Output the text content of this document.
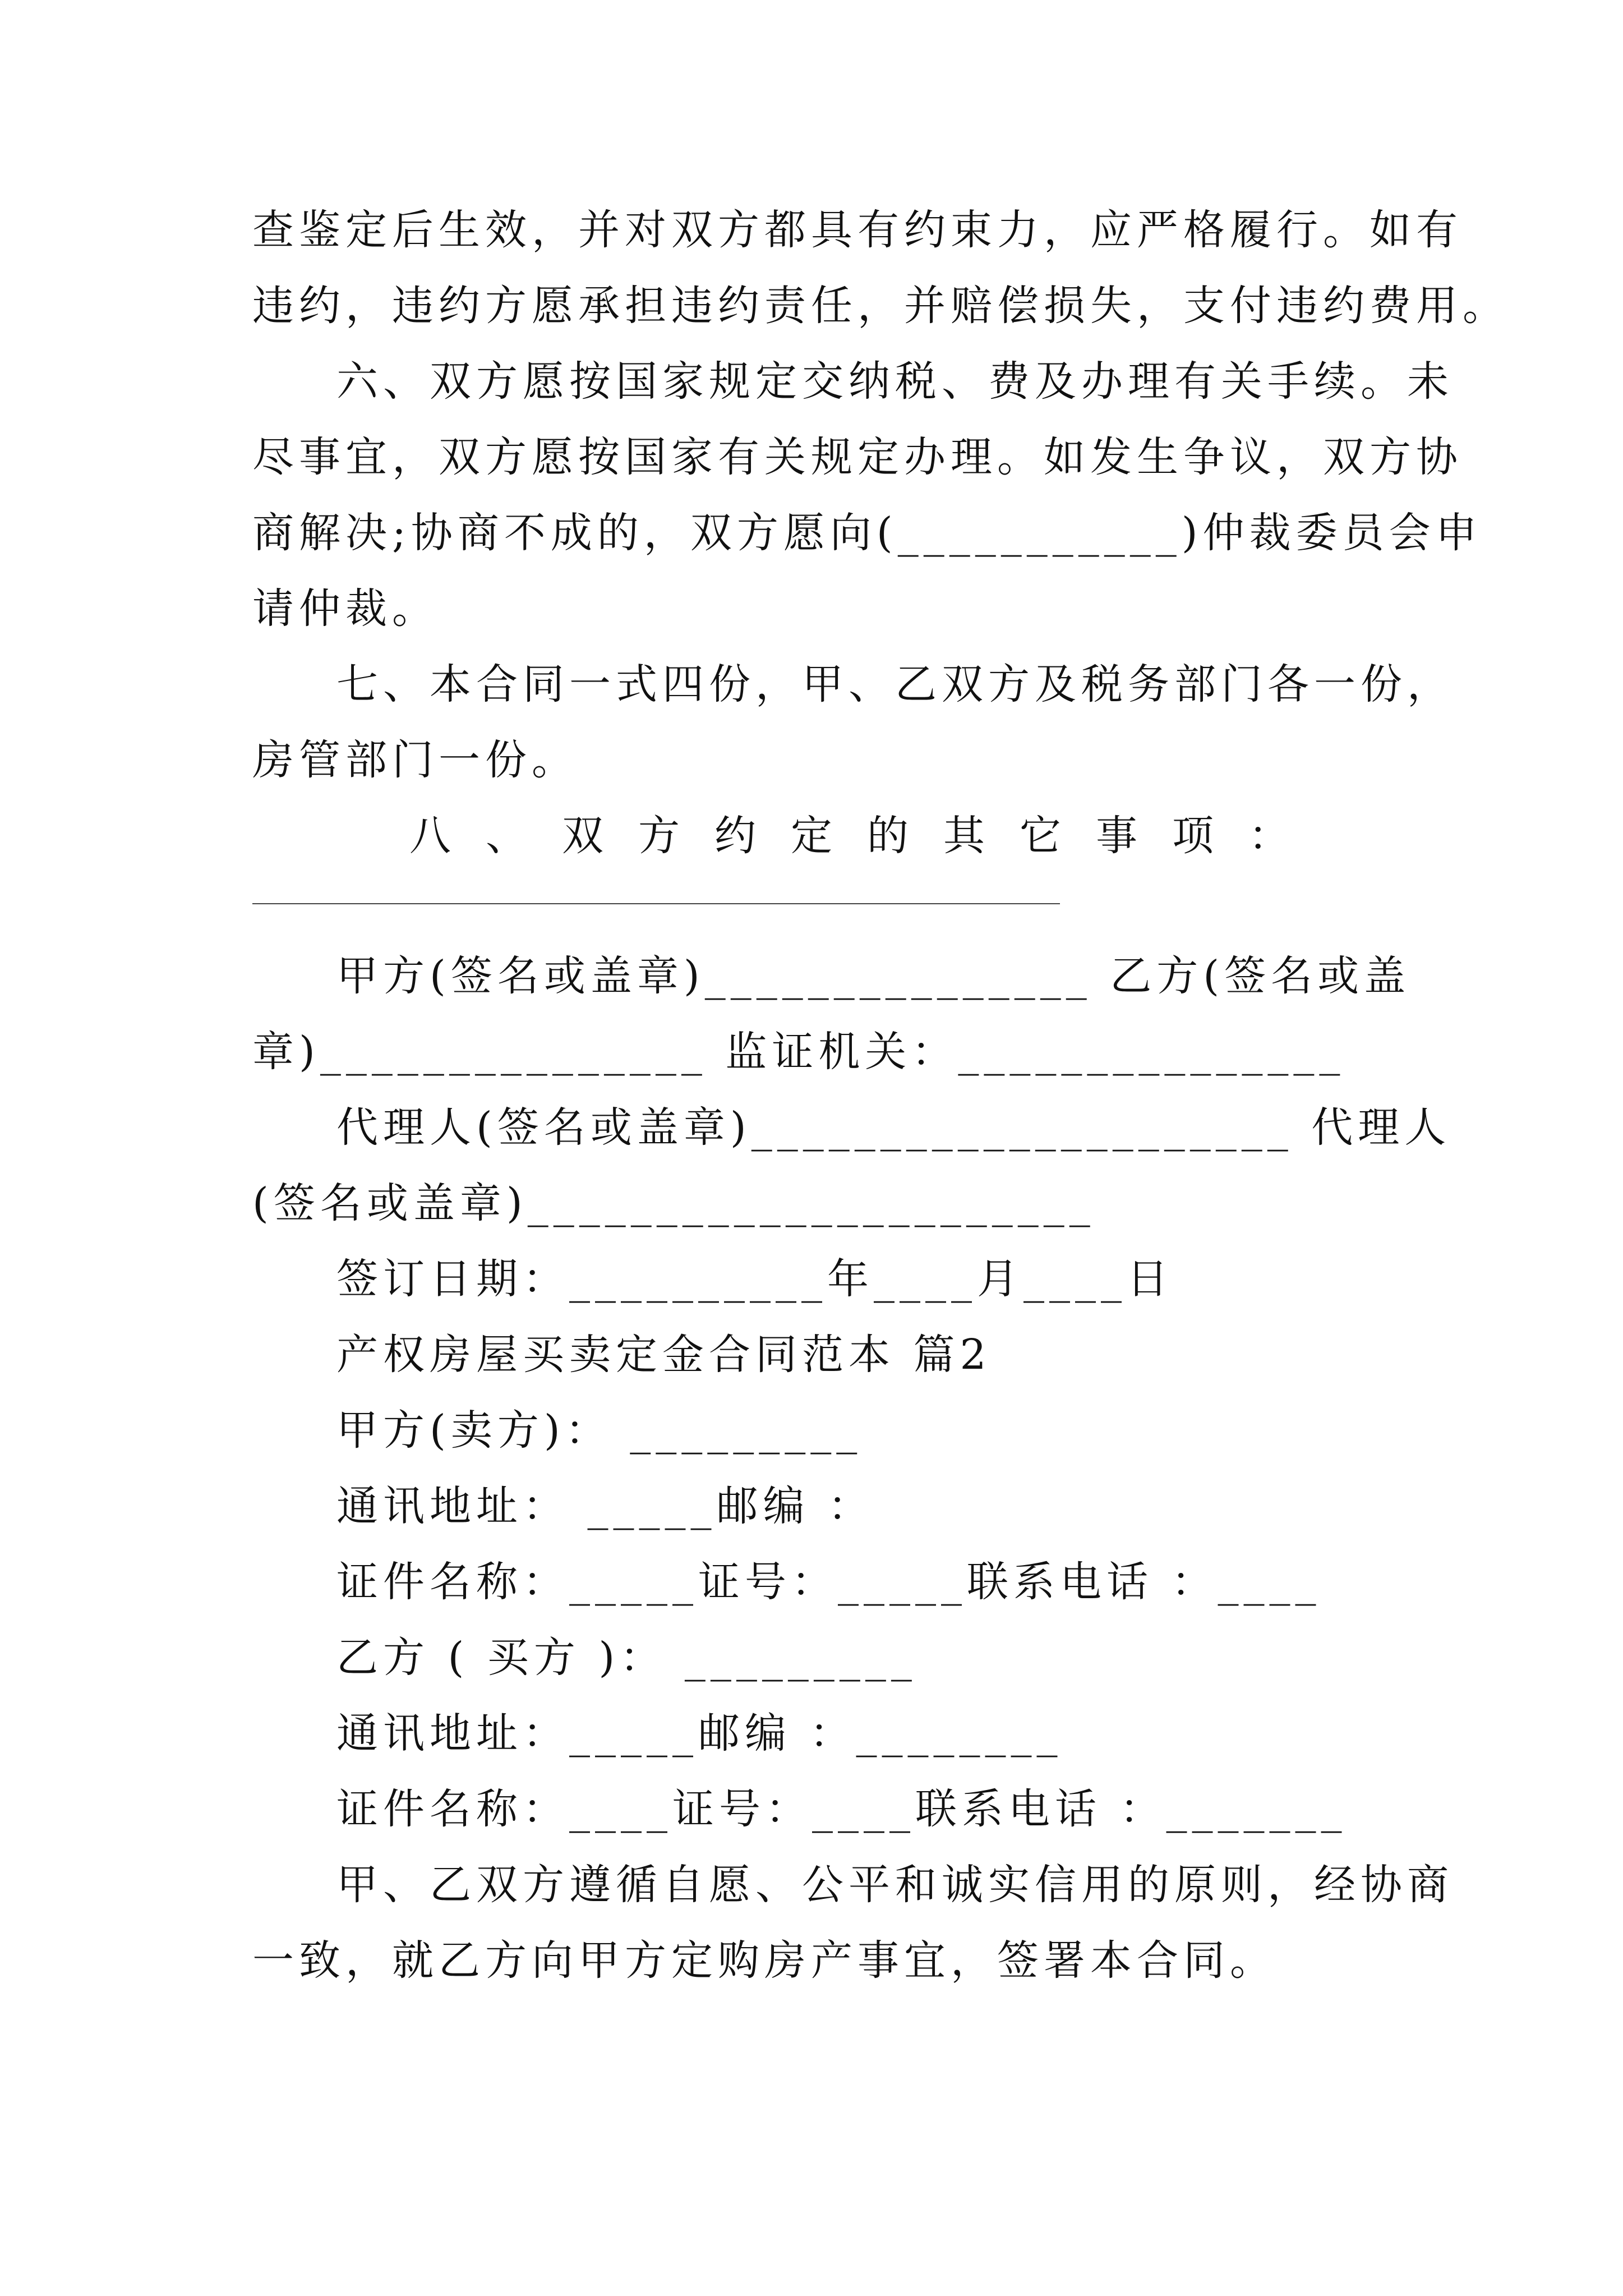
查鉴定后生效，并对双方都具有约束力，应严格履行。如有
违约，违约方愿承担违约责任，并赔偿损失，支付违约费用。
六、双方愿按国家规定交纳税、费及办理有关手续。未
尽事宜，双方愿按国家有关规定办理。如发生争议，双方协
商解决;协商不成的，双方愿向(___________)仲裁委员会申
请仲裁。
七、本合同一式四份，甲、乙双方及税务部门各一份，
房管部门一份。
八、双方约定的其它事项：
甲方(签名或盖章)_______________ 乙方(签名或盖
章)_______________ 监证机关：_______________
代理人(签名或盖章)_____________________ 代理人
(签名或盖章)______________________
签订日期：__________年____月____日
产权房屋买卖定金合同范本 篇2
甲方(卖方)： _________
通讯地址： _____邮编 ：
证件名称：_____证号：_____联系电话 ：____
乙方 ( 买方 )： _________
通讯地址：_____邮编 ：________
证件名称：____证号：____联系电话 ：_______
甲、乙双方遵循自愿、公平和诚实信用的原则，经协商
一致，就乙方向甲方定购房产事宜，签署本合同。
